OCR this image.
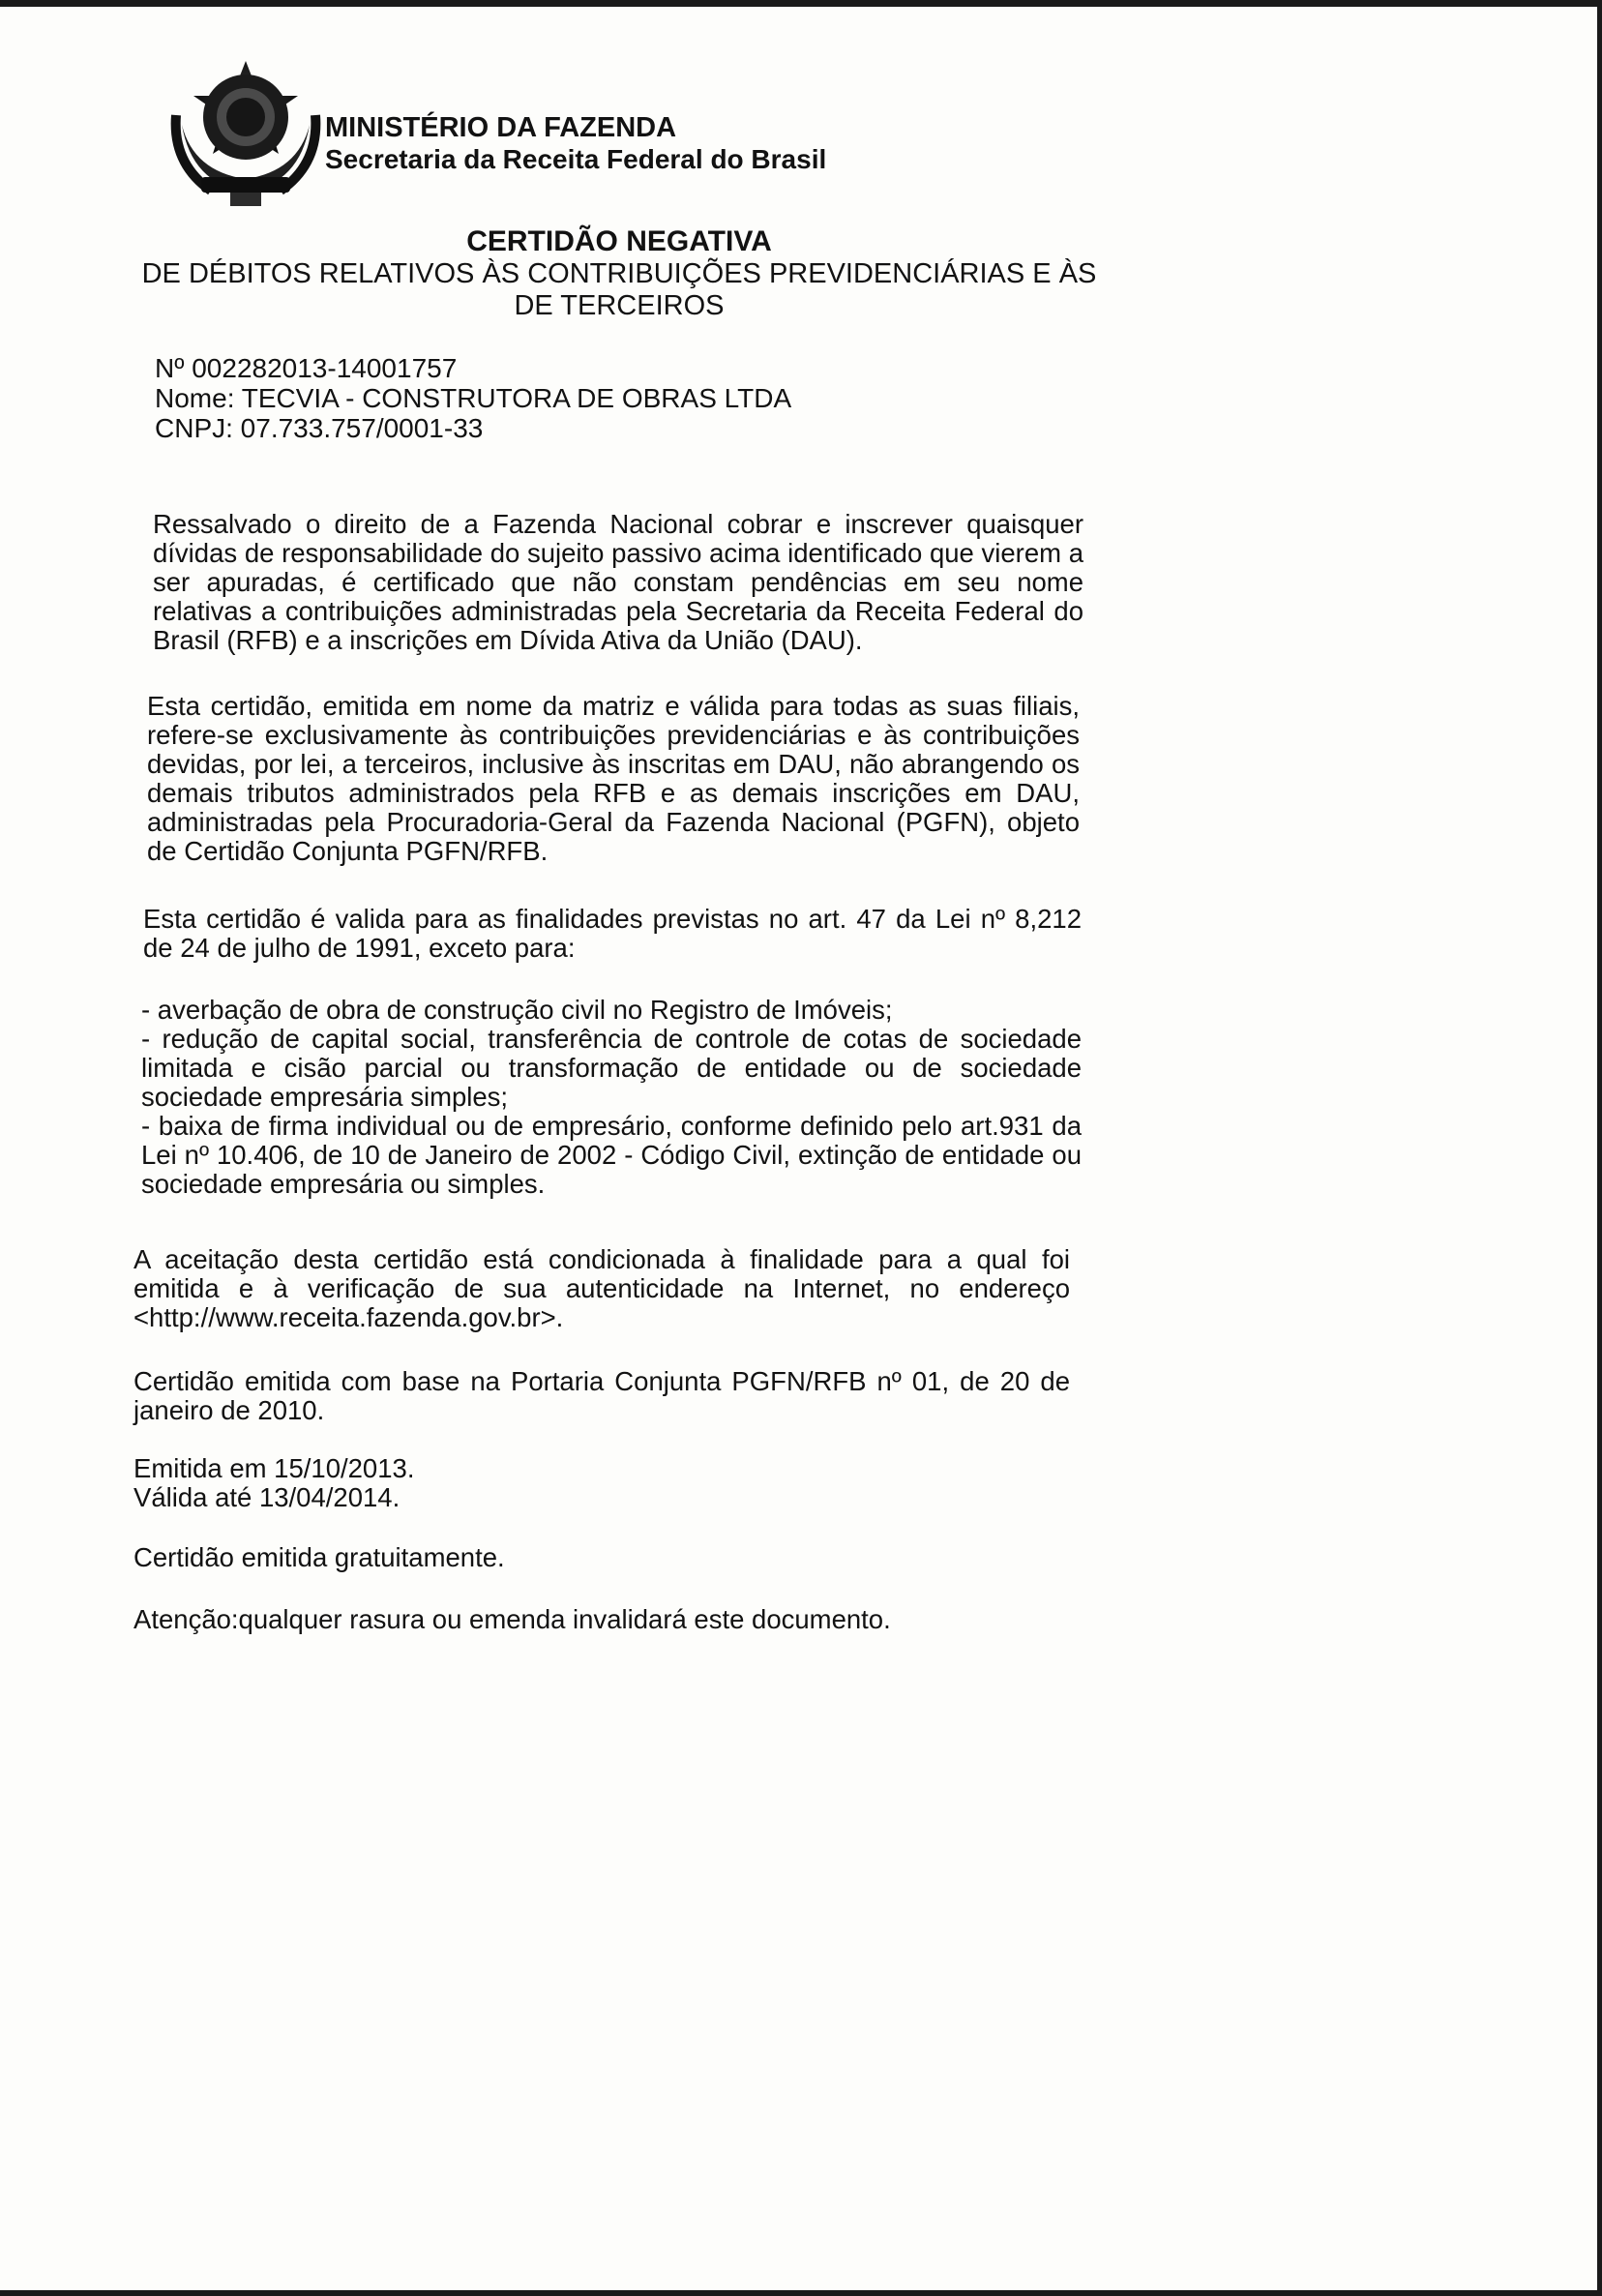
MINISTÉRIO DA FAZENDA
Secretaria da Receita Federal do Brasil
CERTIDÃO NEGATIVA
DE DÉBITOS RELATIVOS ÀS CONTRIBUIÇÕES PREVIDENCIÁRIAS E ÀS
DE TERCEIROS
Nº 002282013-14001757
Nome: TECVIA - CONSTRUTORA DE OBRAS LTDA
CNPJ: 07.733.757/0001-33

Ressalvado o direito de a Fazenda Nacional cobrar e inscrever quaisquer dívidas de responsabilidade do sujeito passivo acima identificado que vierem a ser apuradas, é certificado que não constam pendências em seu nome relativas a contribuições administradas pela Secretaria da Receita Federal do Brasil (RFB) e a inscrições em Dívida Ativa da União (DAU).

Esta certidão, emitida em nome da matriz e válida para todas as suas filiais, refere-se exclusivamente às contribuições previdenciárias e às contribuições devidas, por lei, a terceiros, inclusive às inscritas em DAU, não abrangendo os demais tributos administrados pela RFB e as demais inscrições em DAU, administradas pela Procuradoria-Geral da Fazenda Nacional (PGFN), objeto de Certidão Conjunta PGFN/RFB.

Esta certidão é valida para as finalidades previstas no art. 47 da Lei nº 8,212 de 24 de julho de 1991, exceto para:

- averbação de obra de construção civil no Registro de Imóveis;

- redução de capital social, transferência de controle de cotas de sociedade limitada e cisão parcial ou transformação de entidade ou de sociedade sociedade empresária simples;

- baixa de firma individual ou de empresário, conforme definido pelo art.931 da Lei nº 10.406, de 10 de Janeiro de 2002 - Código Civil, extinção de entidade ou sociedade empresária ou simples.

A aceitação desta certidão está condicionada à finalidade para a qual foi emitida e à verificação de sua autenticidade na Internet, no endereço <http://www.receita.fazenda.gov.br>.

Certidão emitida com base na Portaria Conjunta PGFN/RFB nº 01, de 20 de janeiro de 2010.

Emitida em 15/10/2013.

Válida até 13/04/2014.

Certidão emitida gratuitamente.

Atenção:qualquer rasura ou emenda invalidará este documento.
